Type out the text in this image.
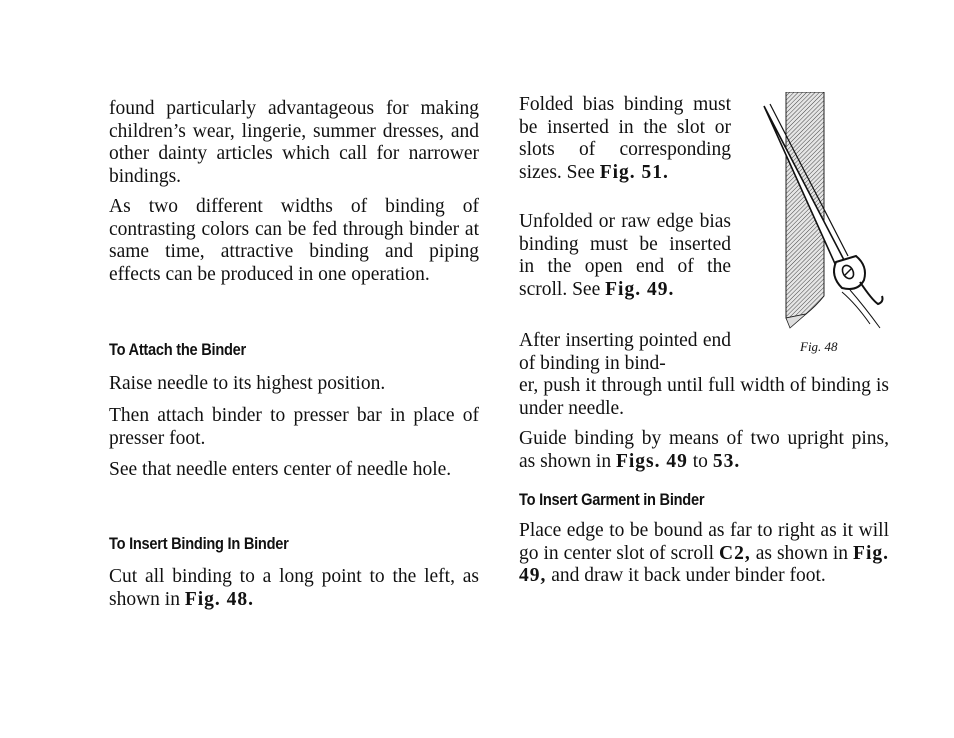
found particularly advantageous for making children’s wear, lingerie, summer dresses, and other dainty articles which call for narrower bindings.

As two different widths of binding of contrasting colors can be fed through binder at same time, attractive binding and piping effects can be produced in one operation.

To Attach the Binder

Raise needle to its highest position.

Then attach binder to presser bar in place of presser foot.

See that needle enters center of needle hole.

To Insert Binding In Binder

Cut all binding to a long point to the left, as shown in Fig. 48.

Folded bias binding must be inserted in the slot or slots of corresponding sizes. See Fig. 51.

Unfolded or raw edge bias binding must be inserted in the open end of the scroll. See Fig. 49.

After inserting pointed end of binding in bind-

er, push it through until full width of binding is under needle.

Guide binding by means of two upright pins, as shown in Figs. 49 to 53.

To Insert Garment in Binder

Place edge to be bound as far to right as it will go in center slot of scroll C2, as shown in Fig. 49, and draw it back under binder foot.

Fig. 48
